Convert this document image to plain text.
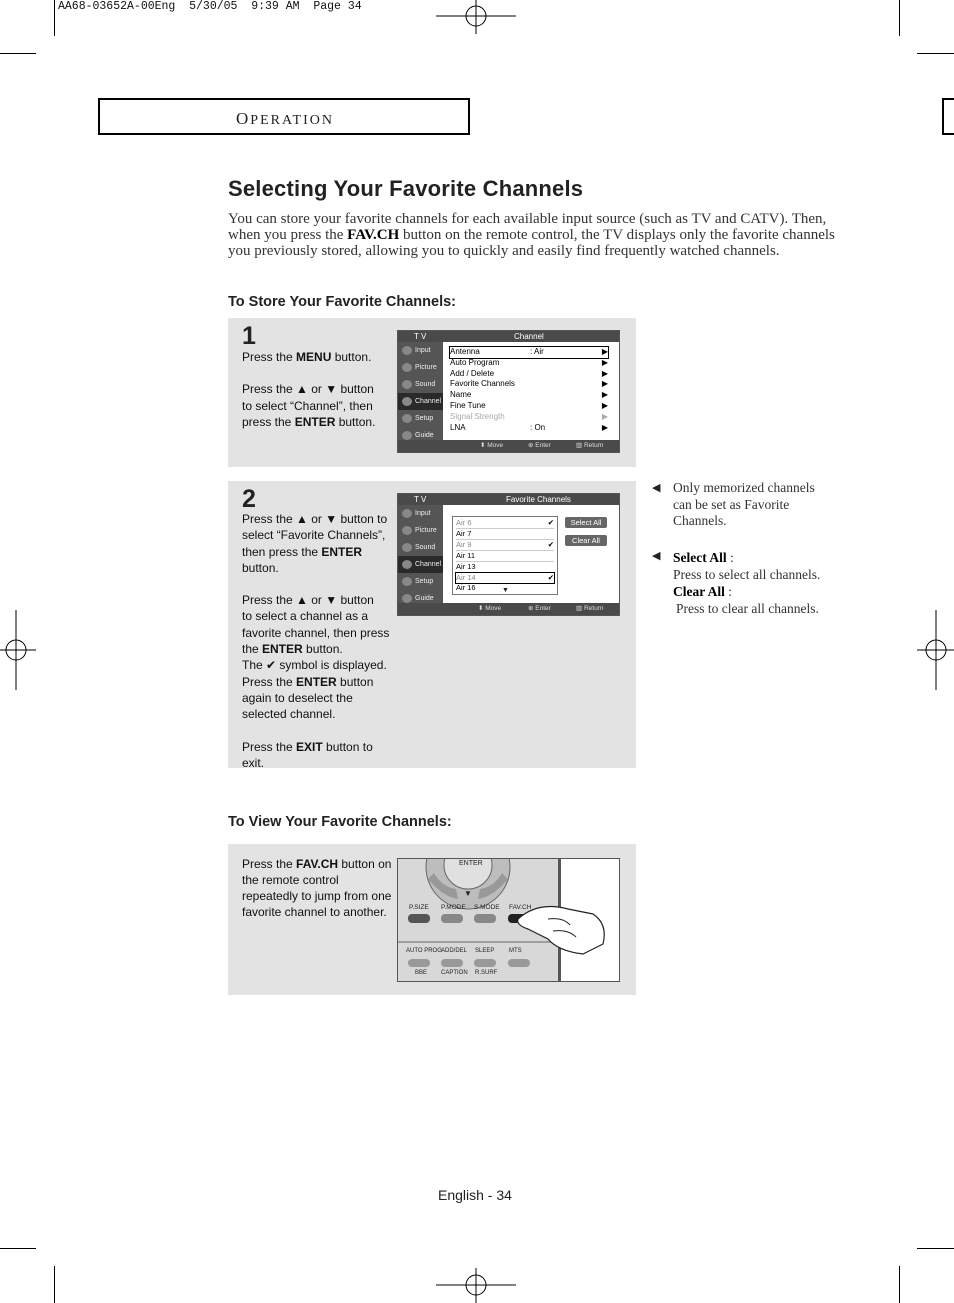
AA68-03652A-00Eng  5/30/05  9:39 AM  Page 34
OPERATION
Selecting Your Favorite Channels
You can store your favorite channels for each available input source (such as TV and CATV). Then, when you press the FAV.CH button on the remote control, the TV displays only the favorite channels you previously stored, allowing you to quickly and easily find frequently watched channels.
To Store Your Favorite Channels:
1

Press the MENU button.

Press the ▲ or ▼ button

to select “Channel”, then

press the ENTER button.

T V	Channel
Input
Picture
Sound
Channel
Setup
Guide
Antenna	: Air	▶
Auto Program	▶
Add / Delete	▶
Favorite Channels	▶
Name	▶
Fine Tune	▶
Signal Strength	▶
LNA	: On	▶
⬍ Move	⊕ Enter	▥ Return
2

Press the ▲ or ▼ button to

select “Favorite Channels”,

then press the ENTER

button.

Press the ▲ or ▼ button

to select a channel as a

favorite channel, then press

the ENTER button.

The ✔ symbol is displayed.

Press the ENTER button

again to deselect the

selected channel.

Press the EXIT button to exit.

T V	Favorite Channels
Input
Picture
Sound
Channel
Setup
Guide
Air 6	✔
Air 7
Air 9	✔
Air 11
Air 13
Air 14	✔
Air 16	▼
Select All
Clear All
⬍ Move	⊕ Enter	▥ Return
◀ Only memorized channels
can be set as Favorite
Channels.
◀ Select All :
Press to select all channels.
Clear All :
Press to clear all channels.
To View Your Favorite Channels:

Press the FAV.CH button on

the remote control

repeatedly to jump from one

favorite channel to another.

ENTER
▼
P.SIZE P.MODE S.MODE FAV.CH
AUTO PROG ADD/DEL SLEEP MTS
BBE CAPTION R.SURF
English - 34
